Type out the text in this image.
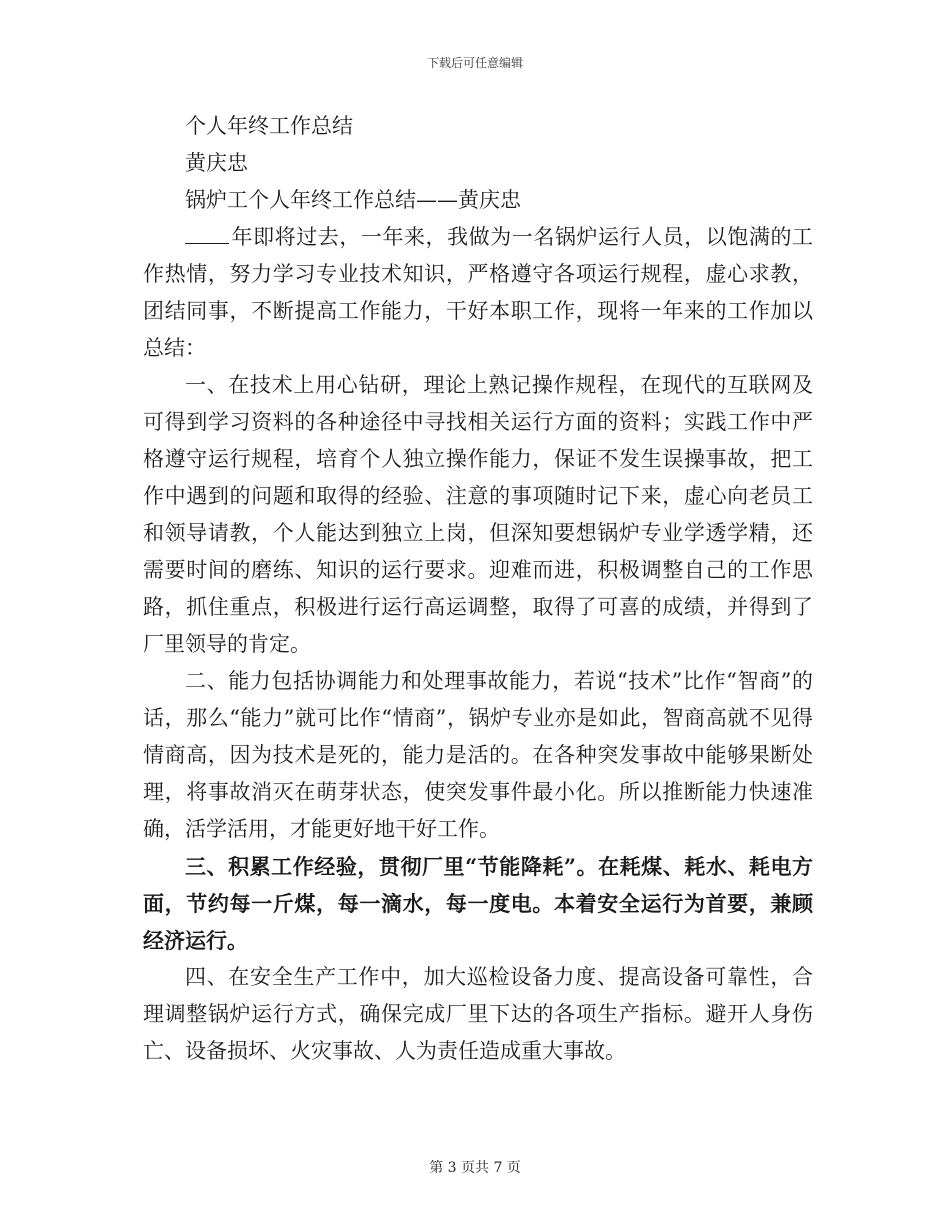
下载后可任意编辑

个人年终工作总结

黄庆忠

锅炉工个人年终工作总结——黄庆忠

年即将过去，一年来，我做为一名锅炉运行人员，以饱满的工作热情，努力学习专业技术知识，严格遵守各项运行规程，虚心求教，团结同事，不断提高工作能力，干好本职工作，现将一年来的工作加以总结：

一、在技术上用心钻研，理论上熟记操作规程，在现代的互联网及可得到学习资料的各种途径中寻找相关运行方面的资料；实践工作中严格遵守运行规程，培育个人独立操作能力，保证不发生误操事故，把工作中遇到的问题和取得的经验、注意的事项随时记下来，虚心向老员工和领导请教，个人能达到独立上岗，但深知要想锅炉专业学透学精，还需要时间的磨练、知识的运行要求。迎难而进，积极调整自己的工作思路，抓住重点，积极进行运行高运调整，取得了可喜的成绩，并得到了厂里领导的肯定。

二、能力包括协调能力和处理事故能力，若说“技术”比作“智商”的话，那么“能力”就可比作“情商”，锅炉专业亦是如此，智商高就不见得情商高，因为技术是死的，能力是活的。在各种突发事故中能够果断处理，将事故消灭在萌芽状态，使突发事件最小化。所以推断能力快速准确，活学活用，才能更好地干好工作。

三、积累工作经验，贯彻厂里“节能降耗”。在耗煤、耗水、耗电方面，节约每一斤煤，每一滴水，每一度电。本着安全运行为首要，兼顾经济运行。

四、在安全生产工作中，加大巡检设备力度、提高设备可靠性，合理调整锅炉运行方式，确保完成厂里下达的各项生产指标。避开人身伤亡、设备损坏、火灾事故、人为责任造成重大事故。

第 3 页共 7 页
